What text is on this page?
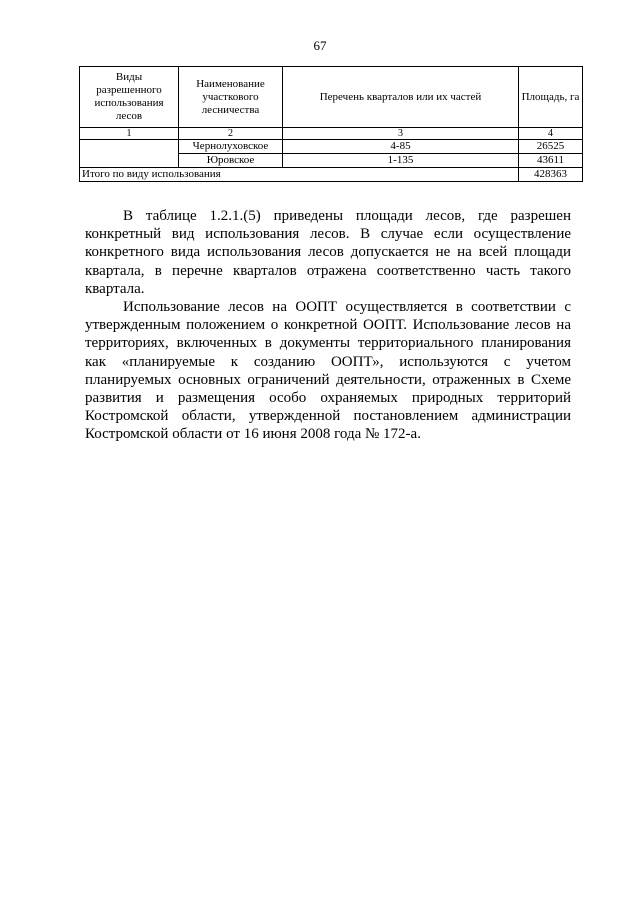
67
Виды разрешенного использования лесов	Наименование участкового лесничества	Перечень кварталов или их частей	Площадь, га
1	2	3	4
	Чернолуховское	4-85	26525
	Юровское	1-135	43611
Итого по виду использования			428363

В таблице 1.2.1.(5) приведены площади лесов, где разрешен конкретный вид использования лесов. В случае если осуществление конкретного вида использования лесов допускается не на всей площади квартала, в перечне кварталов отражена соответственно часть такого квартала.

Использование лесов на ООПТ осуществляется в соответствии с утвержденным положением о конкретной ООПТ. Использование лесов на территориях, включенных в документы территориального планирования как «планируемые к созданию ООПТ», используются с учетом планируемых основных ограничений деятельности, отраженных в Схеме развития и размещения особо охраняемых природных территорий Костромской области, утвержденной постановлением администрации Костромской области от 16 июня 2008 года № 172-а.
